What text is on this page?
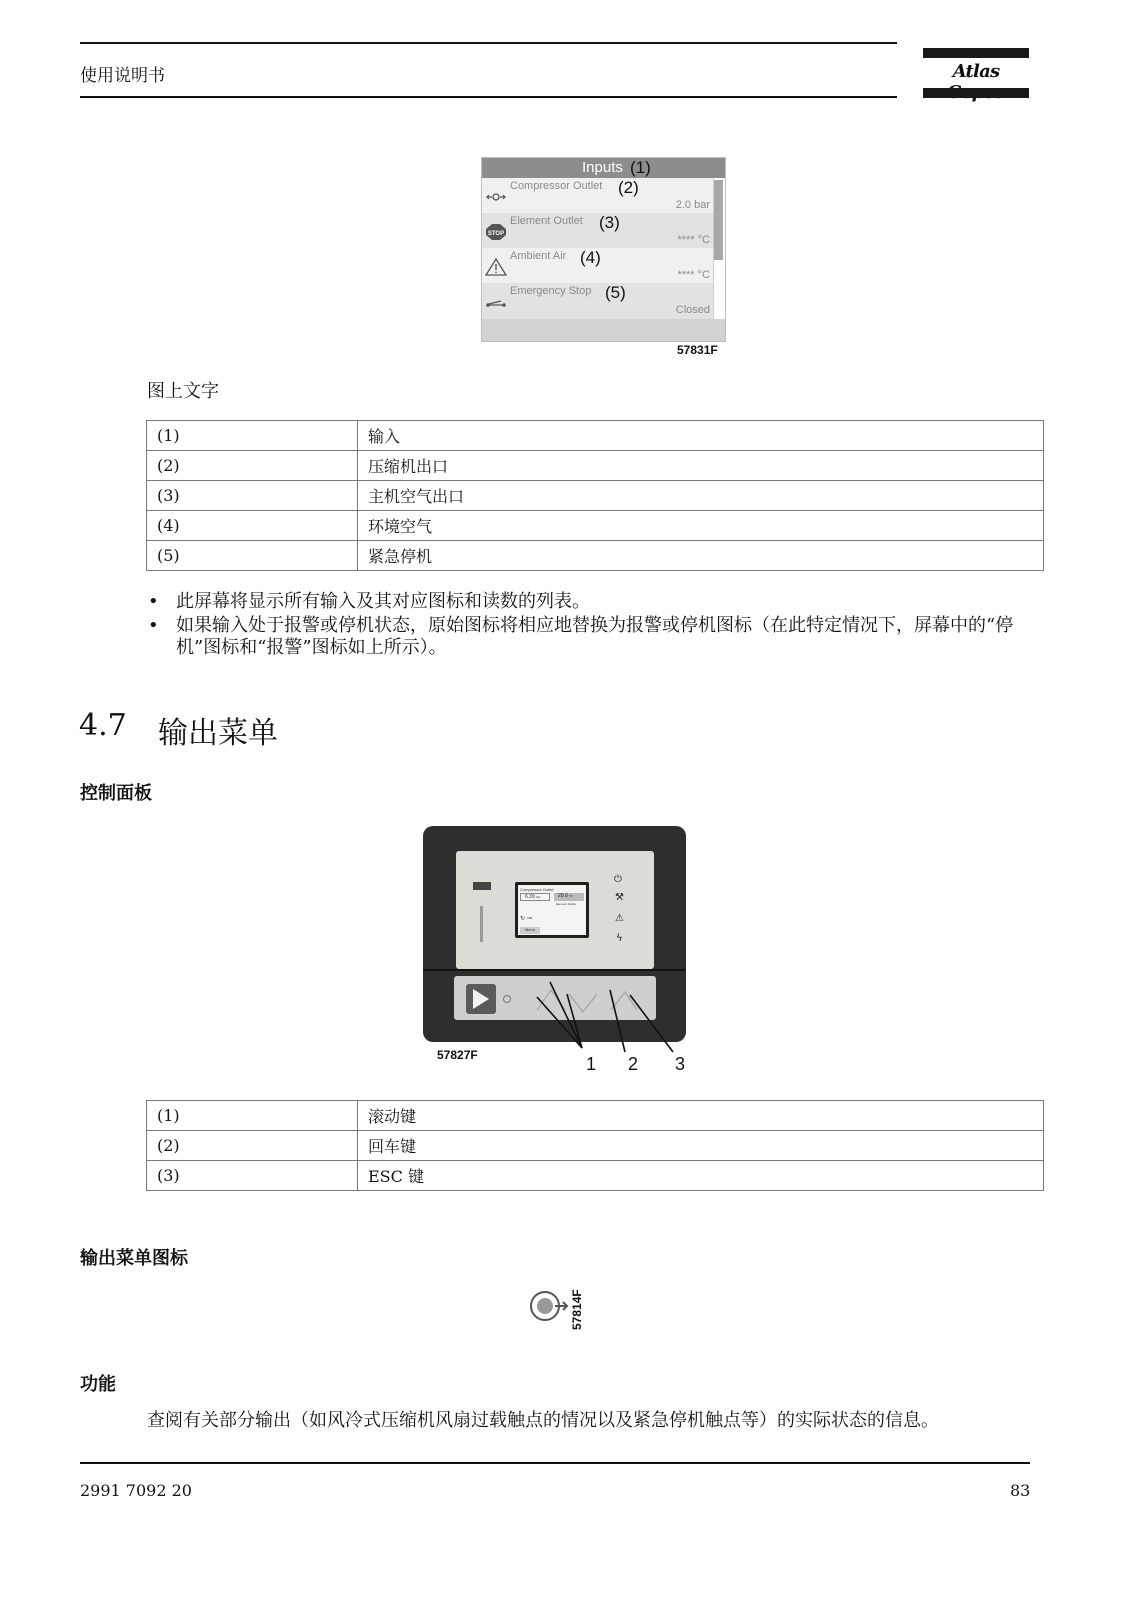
使用说明书	Atlas
Inputs (1)
Compressor Outlet (2)
2.0 bar
STOP
Element Outlet (3)
**** °C
Ambient Air (4)
**** °C
Emergency Stop (5)
Closed
57831F
图上文字
(1)	输入
(2)	压缩机出口
(3)	主机空气出口
(4)	环境空气
(5)	紧急停机
• 此屏幕将显示所有输入及其对应图标和读数的列表。
• 如果输入处于报警或停机状态，原始图标将相应地替换为报警或停机图标（在此特定情况下，屏幕中的“停机”图标和“报警”图标如上所示）。
4.7 输出菜单
控制面板
Compressor Outlet
6.39 bar	20.0 °C
Element Outlet
↻ ⊸
Menu
⏻
⚒
⚠
ϟ
57827F	1 2 3
(1)	滚动键
(2)	回车键
(3)	ESC 键
输出菜单图标
57814F
功能
查阅有关部分输出（如风冷式压缩机风扇过载触点的情况以及紧急停机触点等）的实际状态的信息。
2991 7092 20	83
